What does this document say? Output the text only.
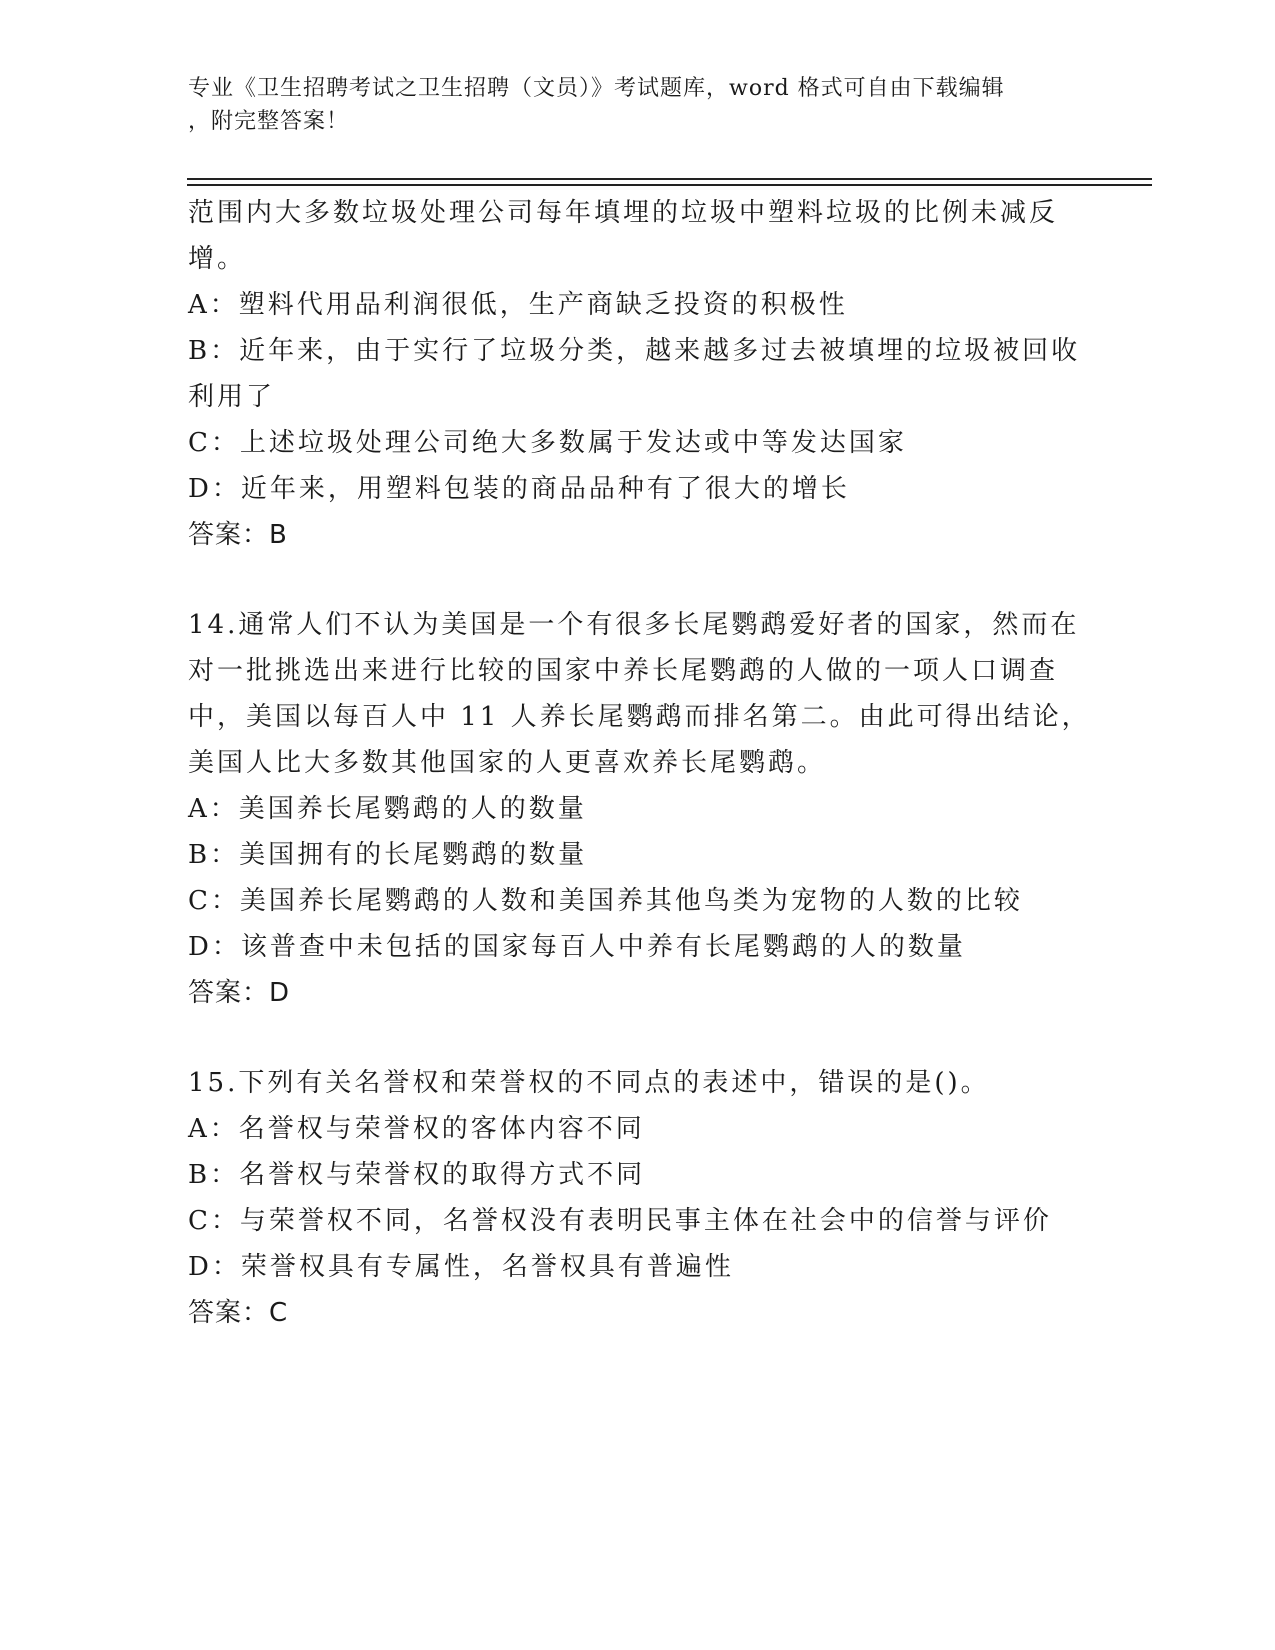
专业《卫生招聘考试之卫生招聘（文员）》考试题库，word 格式可自由下载编辑
，附完整答案！
范围内大多数垃圾处理公司每年填埋的垃圾中塑料垃圾的比例未减反
增。
A：塑料代用品利润很低，生产商缺乏投资的积极性
B：近年来，由于实行了垃圾分类，越来越多过去被填埋的垃圾被回收
利用了
C：上述垃圾处理公司绝大多数属于发达或中等发达国家
D：近年来，用塑料包装的商品品种有了很大的增长
答案：B
14.通常人们不认为美国是一个有很多长尾鹦鹉爱好者的国家，然而在
对一批挑选出来进行比较的国家中养长尾鹦鹉的人做的一项人口调查
中，美国以每百人中 11 人养长尾鹦鹉而排名第二。由此可得出结论，
美国人比大多数其他国家的人更喜欢养长尾鹦鹉。
A：美国养长尾鹦鹉的人的数量
B：美国拥有的长尾鹦鹉的数量
C：美国养长尾鹦鹉的人数和美国养其他鸟类为宠物的人数的比较
D：该普查中未包括的国家每百人中养有长尾鹦鹉的人的数量
答案：D
15.下列有关名誉权和荣誉权的不同点的表述中，错误的是()。
A：名誉权与荣誉权的客体内容不同
B：名誉权与荣誉权的取得方式不同
C：与荣誉权不同，名誉权没有表明民事主体在社会中的信誉与评价
D：荣誉权具有专属性，名誉权具有普遍性
答案：C
